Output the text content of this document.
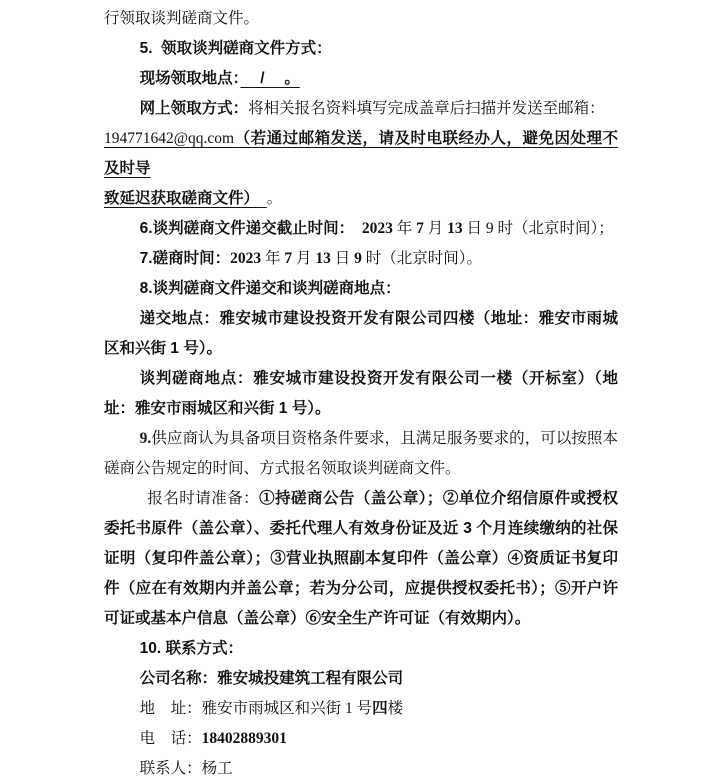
行领取谈判磋商文件。

5.  领取谈判磋商文件方式：

现场领取地点：　 / 　。

网上领取方式：将相关报名资料填写完成盖章后扫描并发送至邮箱：

194771642@qq.com（若通过邮箱发送，请及时电联经办人，避免因处理不及时导

致延迟获取磋商文件）　。

6.谈判磋商文件递交截止时间：　 2023 年 7 月 13 日 9 时（北京时间）；

7.磋商时间：2023 年 7 月 13 日 9 时（北京时间）。

8.谈判磋商文件递交和谈判磋商地点：

递交地点：雅安城市建设投资开发有限公司四楼（地址：雅安市雨城区和兴街 1 号）。

谈判磋商地点：雅安城市建设投资开发有限公司一楼（开标室）（地址：雅安市雨城区和兴街 1 号）。

9.供应商认为具备项目资格条件要求，且满足服务要求的，可以按照本磋商公告规定的时间、方式报名领取谈判磋商文件。

报名时请准备：①持磋商公告（盖公章）；②单位介绍信原件或授权委托书原件（盖公章）、委托代理人有效身份证及近 3 个月连续缴纳的社保证明（复印件盖公章）；③营业执照副本复印件（盖公章）④资质证书复印件（应在有效期内并盖公章；若为分公司，应提供授权委托书）；⑤开户许可证或基本户信息（盖公章）⑥安全生产许可证（有效期内）。

10. 联系方式：

公司名称：雅安城投建筑工程有限公司

地　址：雅安市雨城区和兴街 1 号四楼

电　话：18402889301

联系人：杨工
